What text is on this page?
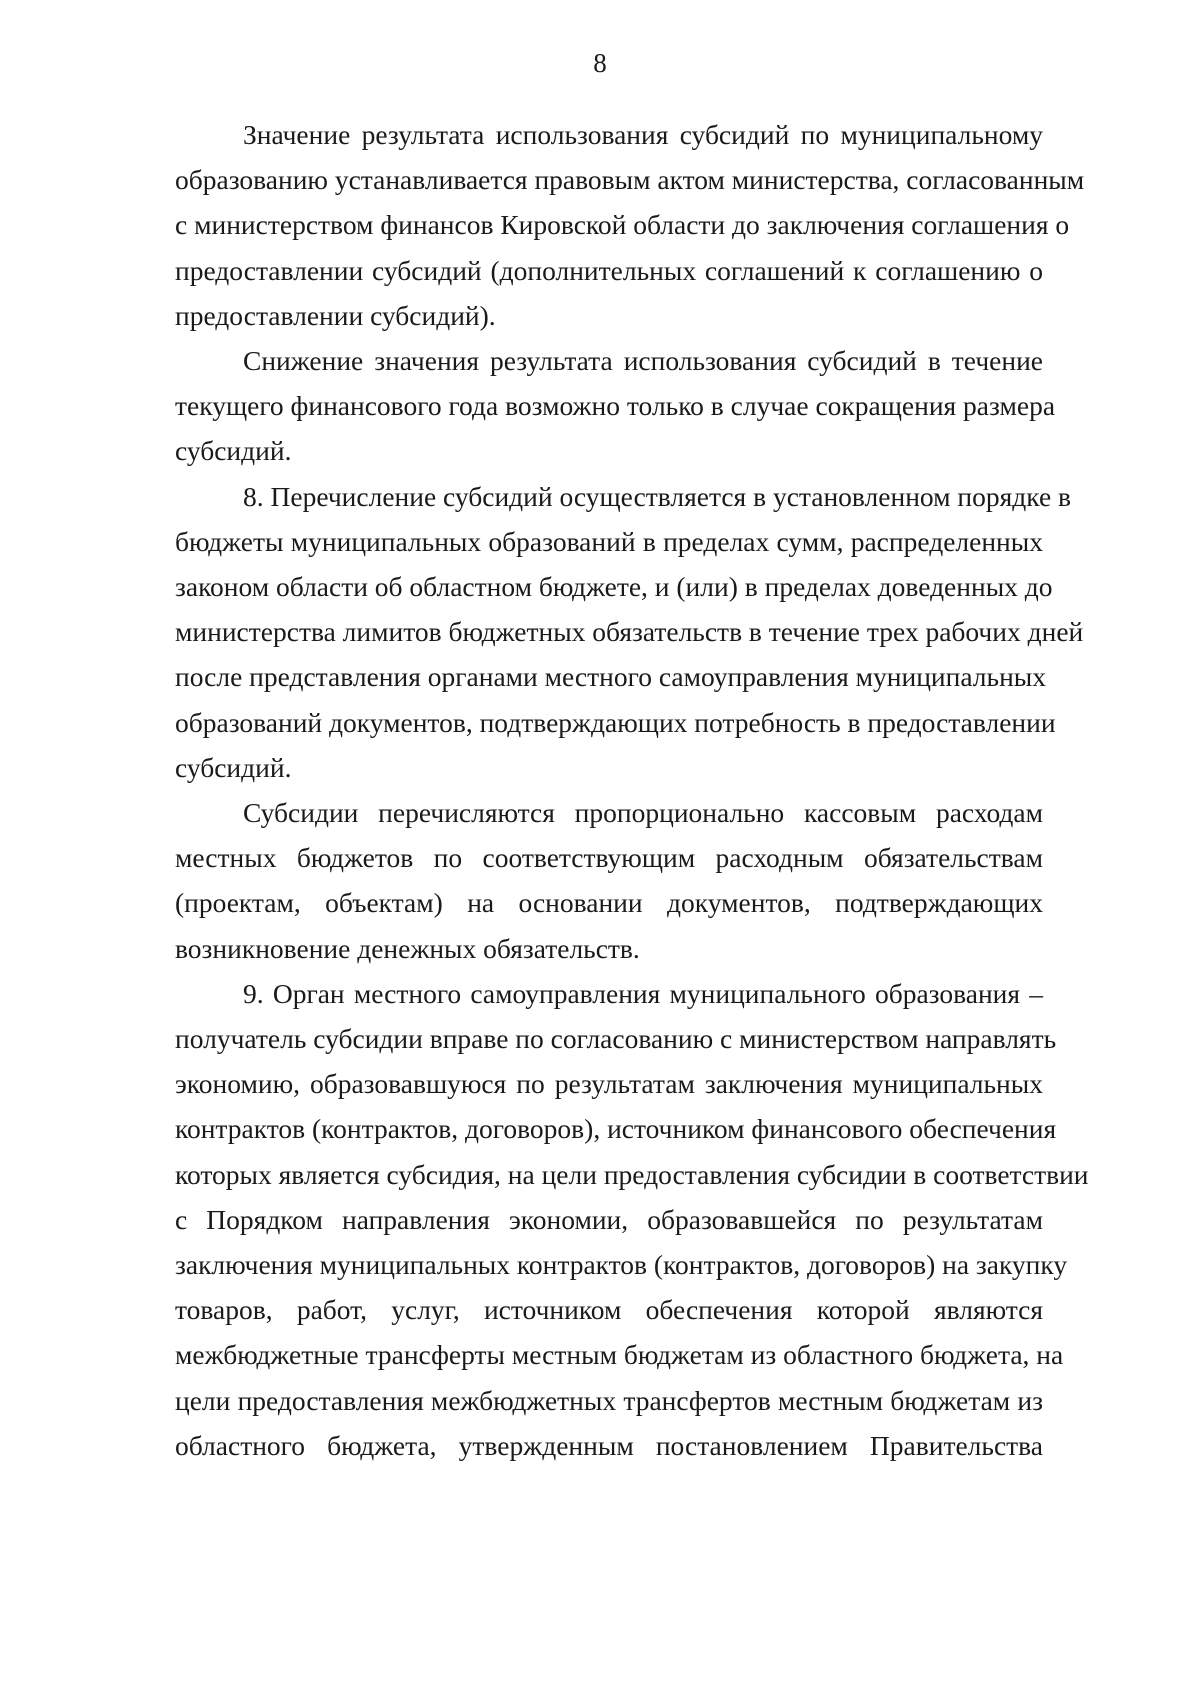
8
Значение результата использования субсидий по муниципальному
образованию устанавливается правовым актом министерства, согласованным
с министерством финансов Кировской области до заключения соглашения о
предоставлении субсидий (дополнительных соглашений к соглашению о
предоставлении субсидий).
Снижение значения результата использования субсидий в течение
текущего финансового года возможно только в случае сокращения размера
субсидий.
8. Перечисление субсидий осуществляется в установленном порядке в
бюджеты муниципальных образований в пределах сумм, распределенных
законом области об областном бюджете, и (или) в пределах доведенных до
министерства лимитов бюджетных обязательств в течение трех рабочих дней
после представления органами местного самоуправления муниципальных
образований документов, подтверждающих потребность в предоставлении
субсидий.
Субсидии перечисляются пропорционально кассовым расходам
местных бюджетов по соответствующим расходным обязательствам
(проектам, объектам) на основании документов, подтверждающих
возникновение денежных обязательств.
9. Орган местного самоуправления муниципального образования –
получатель субсидии вправе по согласованию с министерством направлять
экономию, образовавшуюся по результатам заключения муниципальных
контрактов (контрактов, договоров), источником финансового обеспечения
которых является субсидия, на цели предоставления субсидии в соответствии
с Порядком направления экономии, образовавшейся по результатам
заключения муниципальных контрактов (контрактов, договоров) на закупку
товаров, работ, услуг, источником обеспечения которой являются
межбюджетные трансферты местным бюджетам из областного бюджета, на
цели предоставления межбюджетных трансфертов местным бюджетам из
областного бюджета, утвержденным постановлением Правительства
